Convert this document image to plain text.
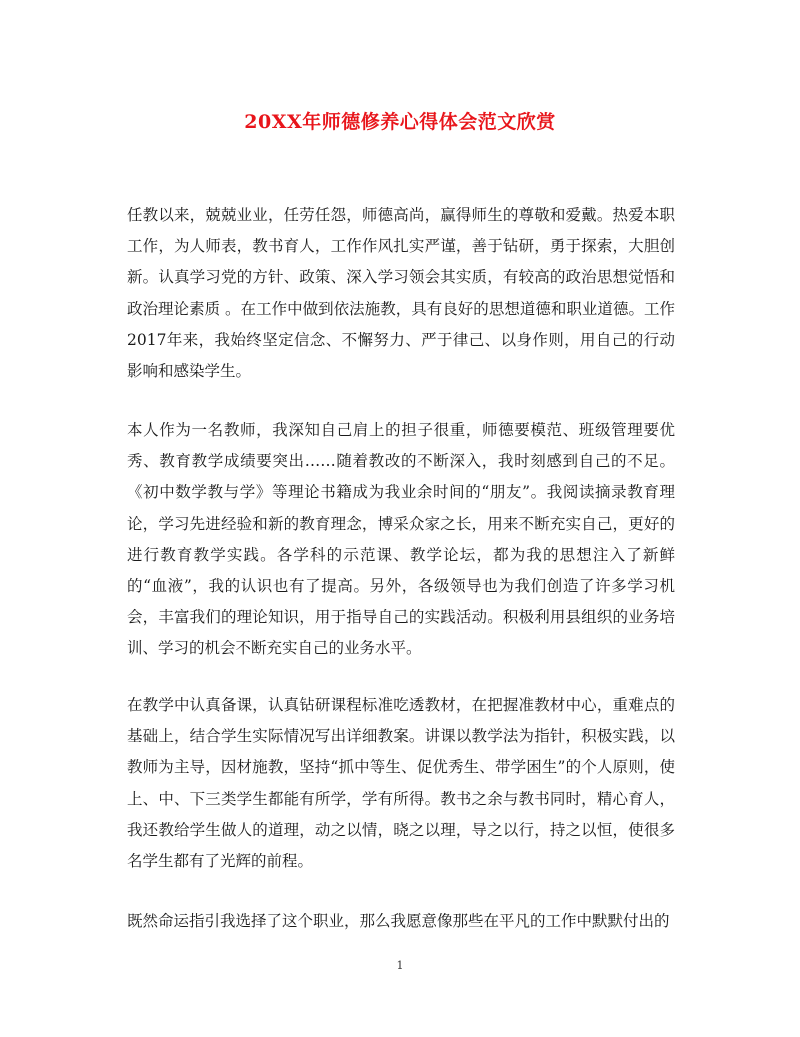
20XX年师德修养心得体会范文欣赏

任教以来，兢兢业业，任劳任怨，师德高尚，赢得师生的尊敬和爱戴。热爱本职工作，为人师表，教书育人，工作作风扎实严谨，善于钻研，勇于探索，大胆创新。认真学习党的方针、政策、深入学习领会其实质，有较高的政治思想觉悟和政治理论素质 。在工作中做到依法施教，具有良好的思想道德和职业道德。工作2017年来，我始终坚定信念、不懈努力、严于律己、以身作则，用自己的行动影响和感染学生。

本人作为一名教师，我深知自己肩上的担子很重，师德要模范、班级管理要优秀、教育教学成绩要突出……随着教改的不断深入，我时刻感到自己的不足。《初中数学教与学》等理论书籍成为我业余时间的“朋友”。我阅读摘录教育理论，学习先进经验和新的教育理念，博采众家之长，用来不断充实自己，更好的进行教育教学实践。各学科的示范课、教学论坛，都为我的思想注入了新鲜的“血液”，我的认识也有了提高。另外，各级领导也为我们创造了许多学习机会，丰富我们的理论知识，用于指导自己的实践活动。积极利用县组织的业务培训、学习的机会不断充实自己的业务水平。

在教学中认真备课，认真钻研课程标准吃透教材，在把握准教材中心，重难点的基础上，结合学生实际情况写出详细教案。讲课以教学法为指针，积极实践，以教师为主导，因材施教，坚持“抓中等生、促优秀生、带学困生”的个人原则，使上、中、下三类学生都能有所学，学有所得。教书之余与教书同时，精心育人，我还教给学生做人的道理，动之以情，晓之以理，导之以行，持之以恒，使很多名学生都有了光辉的前程。

既然命运指引我选择了这个职业，那么我愿意像那些在平凡的工作中默默付出的

1
